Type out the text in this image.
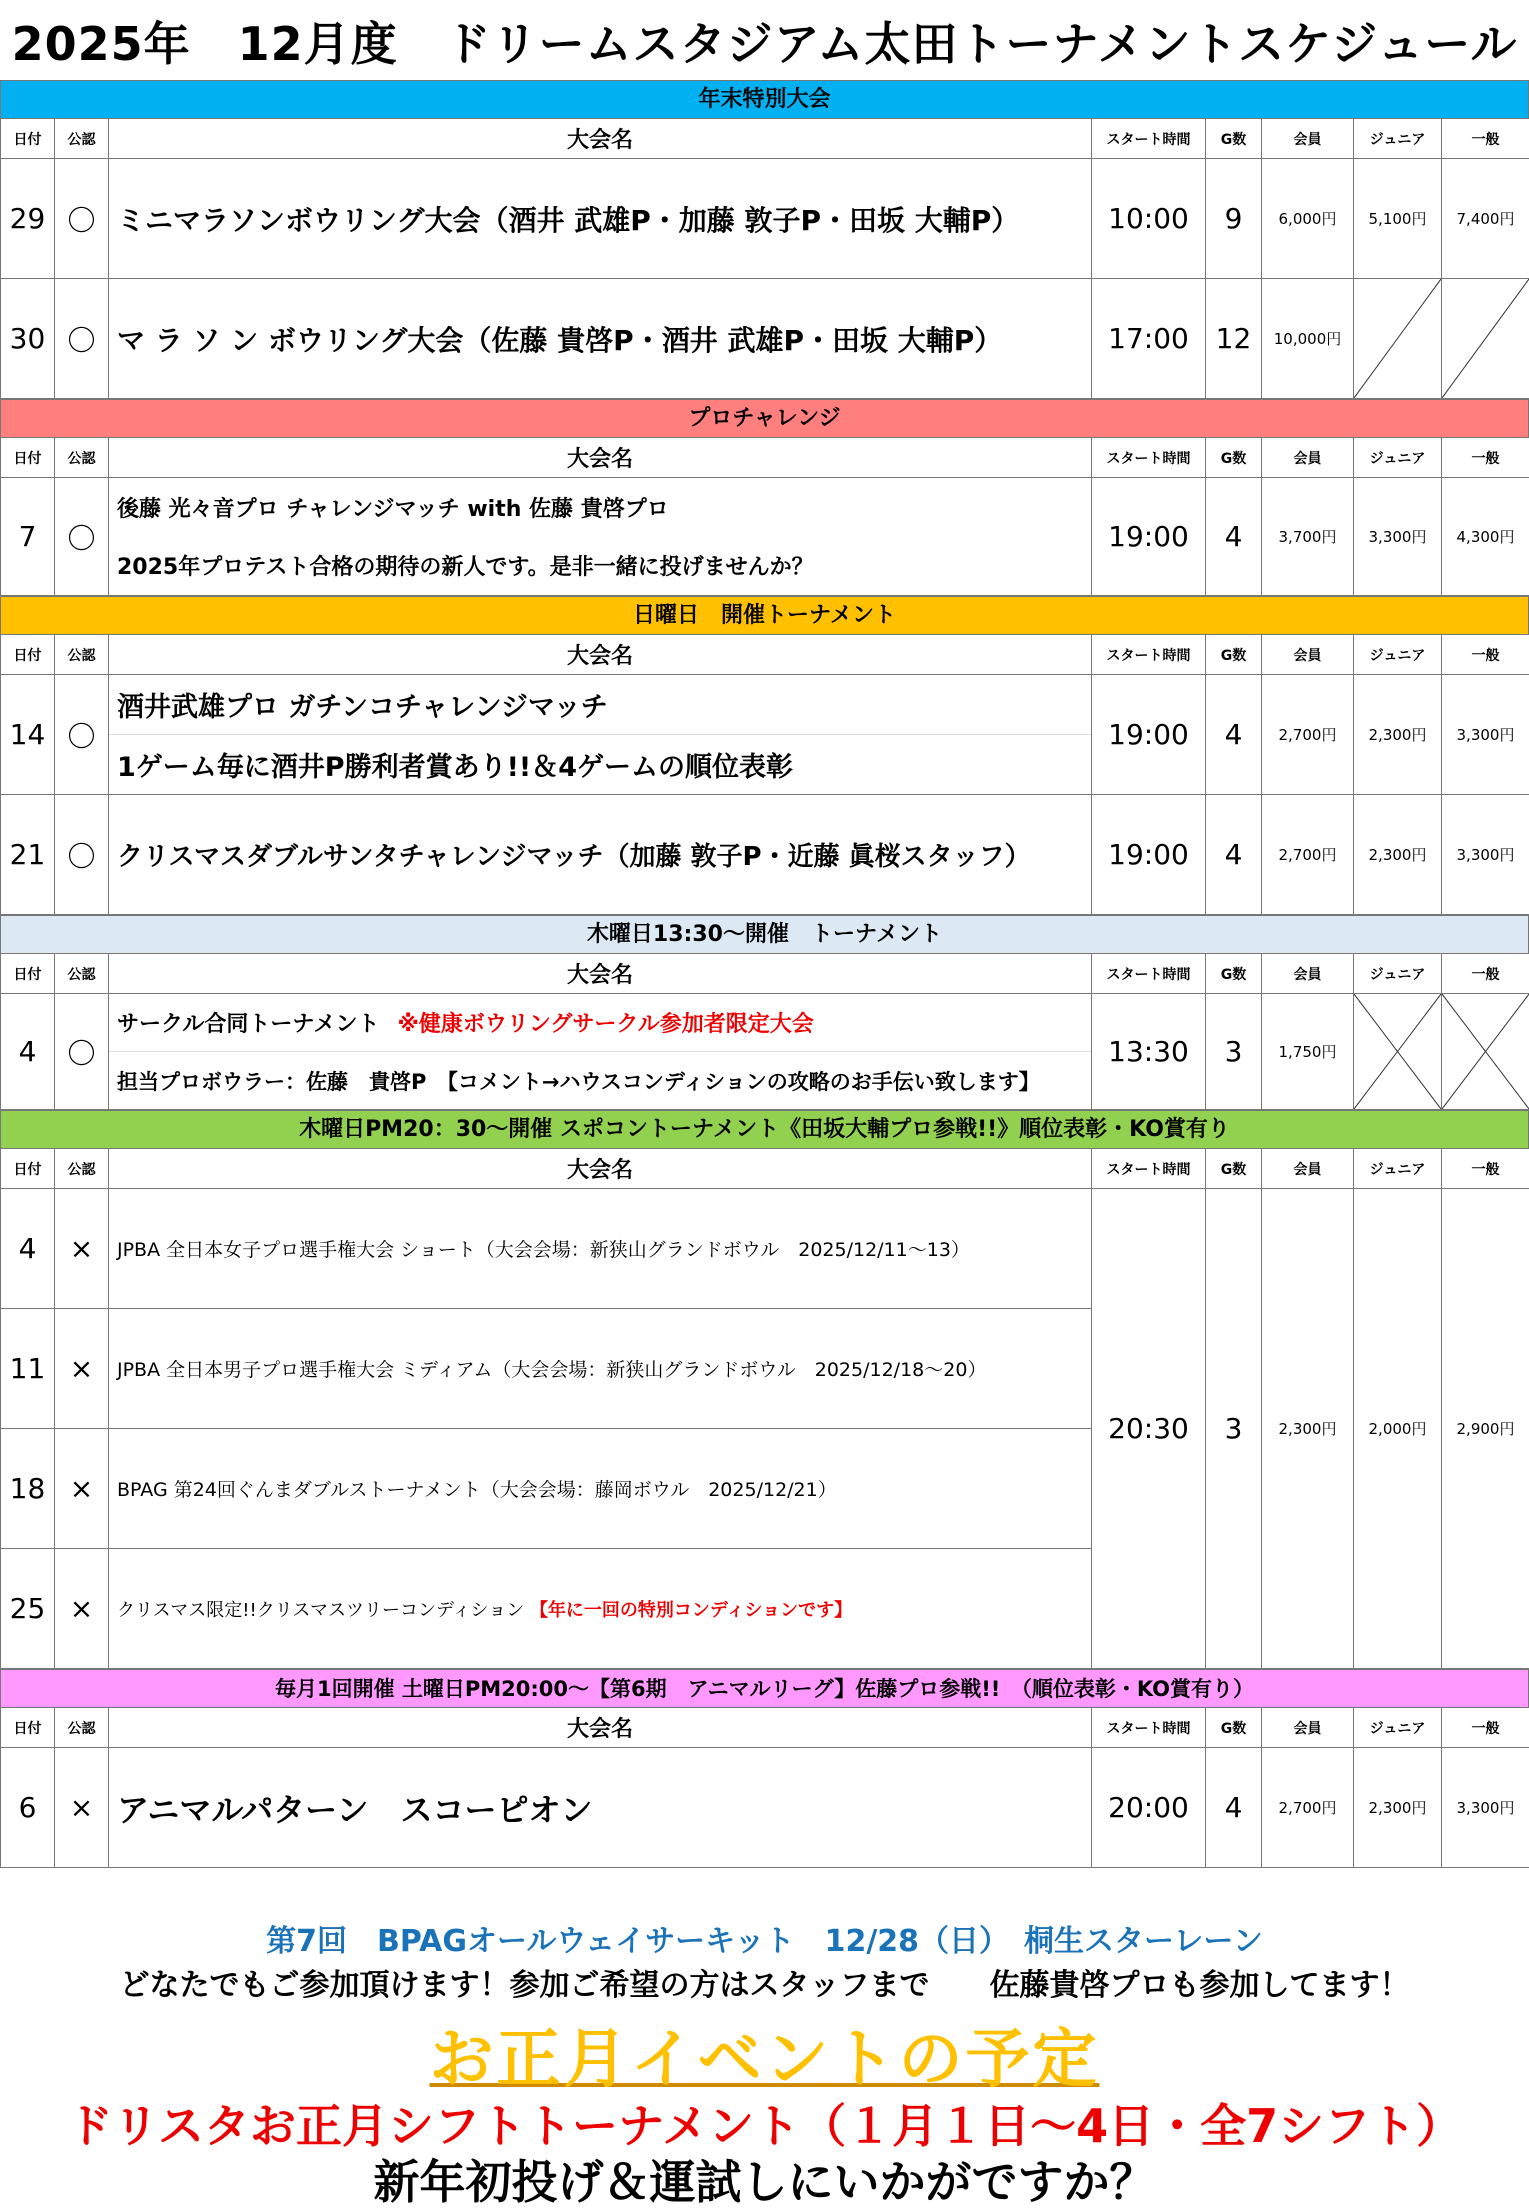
2025年　12月度　ドリームスタジアム太田トーナメントスケジュール
年末特別大会
日付	公認	大会名	スタート時間	G数	会員	ジュニア	一般
29	〇	ミニマラソンボウリング大会（酒井 武雄P・加藤 敦子P・田坂 大輔P）	10:00	9	6,000円	5,100円	7,400円
30	〇	マ ラ ソ ン ボウリング大会（佐藤 貴啓P・酒井 武雄P・田坂 大輔P）	17:00	12	10,000円	

プロチャレンジ
日付	公認	大会名	スタート時間	G数	会員	ジュニア	一般
7	〇	後藤 光々音プロ チャレンジマッチ with 佐藤 貴啓プロ
2025年プロテスト合格の期待の新人です。是非一緒に投げませんか？	19:00	4	3,700円	3,300円	4,300円
日曜日　開催トーナメント
日付	公認	大会名	スタート時間	G数	会員	ジュニア	一般
14	〇	酒井武雄プロ ガチンコチャレンジマッチ
1ゲーム毎に酒井P勝利者賞あり!!＆4ゲームの順位表彰	19:00	4	2,700円	2,300円	3,300円
21	〇	クリスマスダブルサンタチャレンジマッチ（加藤 敦子P・近藤 眞桜スタッフ）	19:00	4	2,700円	2,300円	3,300円
木曜日13:30～開催　トーナメント
日付	公認	大会名	スタート時間	G数	会員	ジュニア	一般
4	〇	サークル合同トーナメント ※健康ボウリングサークル参加者限定大会
担当プロボウラー：佐藤　貴啓P　【コメント→ハウスコンディションの攻略のお手伝い致します】	13:30	3	1,750円	

木曜日PM20：30～開催 スポコントーナメント《田坂大輔プロ参戦!!》順位表彰・KO賞有り
日付	公認	大会名	スタート時間	G数	会員	ジュニア	一般
4	×	JPBA 全日本女子プロ選手権大会 ショート（大会会場：新狭山グランドボウル　2025/12/11～13）	20:30	3	2,300円	2,000円	2,900円
11	×	JPBA 全日本男子プロ選手権大会 ミディアム（大会会場：新狭山グランドボウル　2025/12/18～20）					
18	×	BPAG 第24回ぐんまダブルストーナメント（大会会場：藤岡ボウル　2025/12/21）					
25	×	クリスマス限定!!クリスマスツリーコンディション 【年に一回の特別コンディションです】					
毎月1回開催 土曜日PM20:00～【第6期　アニマルリーグ】佐藤プロ参戦!!　（順位表彰・KO賞有り）
日付	公認	大会名	スタート時間	G数	会員	ジュニア	一般
6	×	アニマルパターン　スコーピオン	20:00	4	2,700円	2,300円	3,300円
第7回　BPAGオールウェイサーキット　12/28（日）　桐生スターレーン
どなたでもご参加頂けます！参加ご希望の方はスタッフまで　　佐藤貴啓プロも参加してます！
お正月イベントの予定
ドリスタお正月シフトトーナメント（１月１日～4日・全7シフト）
新年初投げ＆運試しにいかがですか？
